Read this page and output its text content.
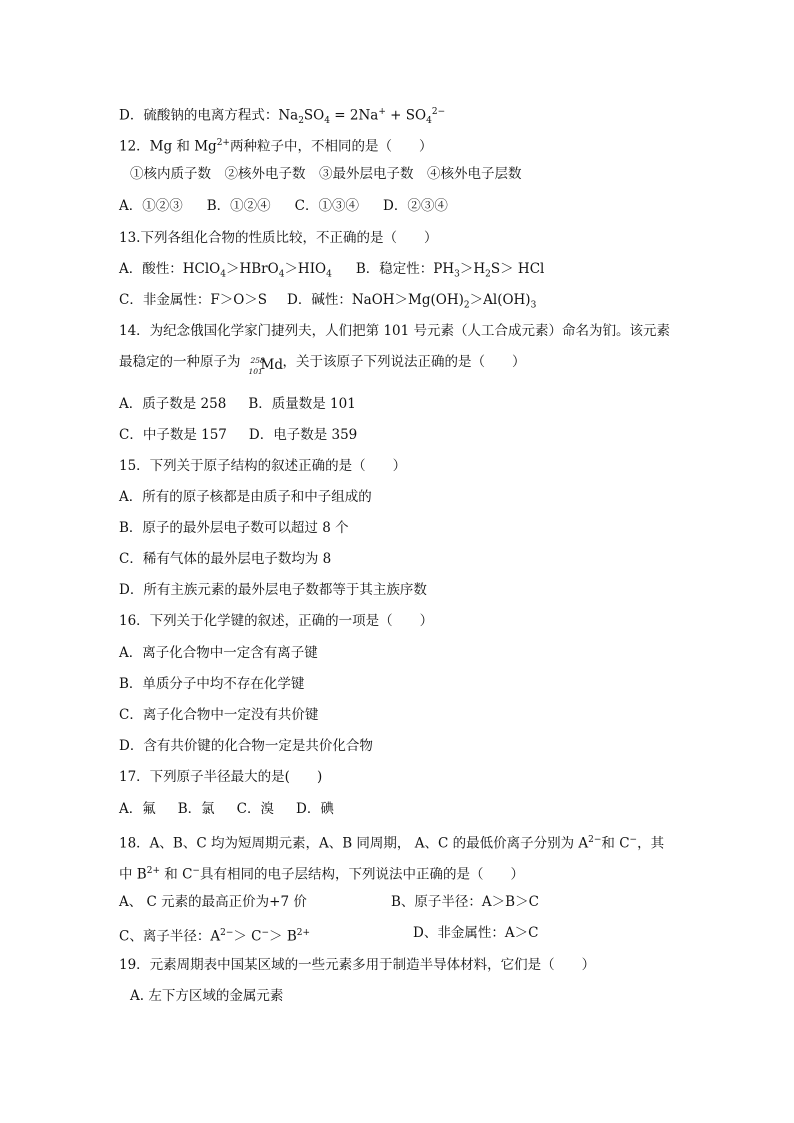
D．硫酸钠的电离方程式：$Na_2SO_4 = 2Na^+ + SO_4^{2-}$
12．Mg 和 $Mg^{2+}$两种粒子中，不相同的是（　　）
①核内质子数　②核外电子数　③最外层电子数　④核外电子层数
A．①②③ B．①②④ C．①③④ D．②③④
13.下列各组化合物的性质比较，不正确的是（　　）
A．酸性：$HClO_4>HBrO_4>HIO_4$ B．稳定性：$PH_3>H_2S>$ HCl
C．非金属性：F＞O＞S D．碱性：$NaOH>Mg(OH)_2>Al(OH)_3$
14．为纪念俄国化学家门捷列夫，人们把第 101 号元素（人工合成元素）命名为钔。该元素
最稳定的一种原子为 258
101
Md ，关于该原子下列说法正确的是（　　）
A．质子数是 258 B．质量数是 101
C．中子数是 157 D．电子数是 359
15．下列关于原子结构的叙述正确的是（　　）
A．所有的原子核都是由质子和中子组成的
B．原子的最外层电子数可以超过 8 个
C．稀有气体的最外层电子数均为 8
D．所有主族元素的最外层电子数都等于其主族序数
16．下列关于化学键的叙述，正确的一项是（　　）
A．离子化合物中一定含有离子键
B．单质分子中均不存在化学键
C．离子化合物中一定没有共价键
D．含有共价键的化合物一定是共价化合物
17．下列原子半径最大的是(　　)
A．氟 B．氯 C．溴 D．碘
18．A、B、C 均为短周期元素，A、B 同周期， A、C 的最低价离子分别为 $A^{2-}$和 C−，其
中 $B^{2+}$ 和 C−具有相同的电子层结构，下列说法中正确的是（　　）
A、 C 元素的最高正价为+7 价	B、原子半径：A＞B＞C
C、离子半径：$A^{2-}> C^-> B^{2+}$	D、非金属性：A＞C
19．元素周期表中国某区域的一些元素多用于制造半导体材料，它们是（　　）
A. 左下方区域的金属元素
